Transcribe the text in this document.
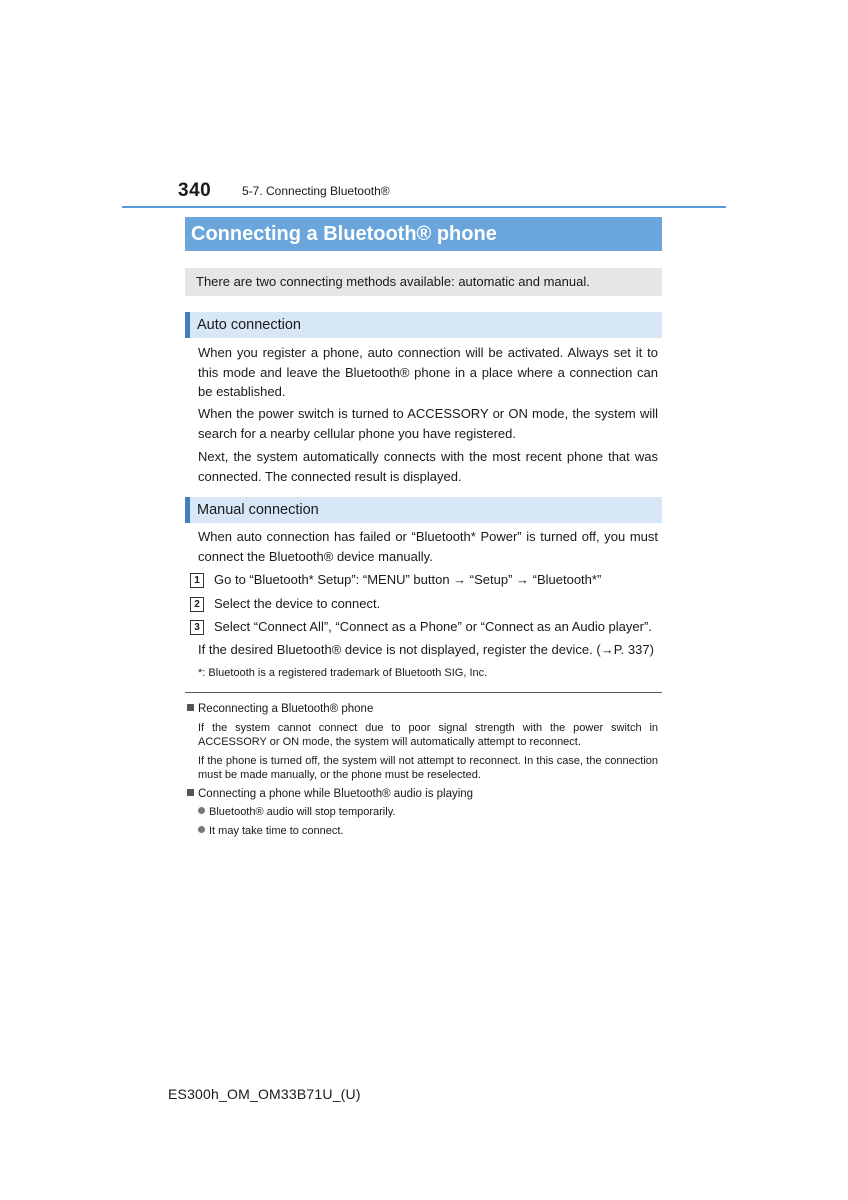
340	5-7. Connecting Bluetooth®
Connecting a Bluetooth® phone
There are two connecting methods available: automatic and manual.
Auto connection
When you register a phone, auto connection will be activated. Always set it to this mode and leave the Bluetooth® phone in a place where a connection can be established.
When the power switch is turned to ACCESSORY or ON mode, the system will search for a nearby cellular phone you have registered.
Next, the system automatically connects with the most recent phone that was connected. The connected result is displayed.
Manual connection
When auto connection has failed or “Bluetooth* Power” is turned off, you must connect the Bluetooth® device manually.
1 Go to “Bluetooth* Setup”: “MENU” button → “Setup” → “Bluetooth*”
2 Select the device to connect.
3 Select “Connect All”, “Connect as a Phone” or “Connect as an Audio player”.
If the desired Bluetooth® device is not displayed, register the device. (→P. 337)
*: Bluetooth is a registered trademark of Bluetooth SIG, Inc.
Reconnecting a Bluetooth® phone
If the system cannot connect due to poor signal strength with the power switch in ACCESSORY or ON mode, the system will automatically attempt to reconnect.
If the phone is turned off, the system will not attempt to reconnect. In this case, the connection must be made manually, or the phone must be reselected.
Connecting a phone while Bluetooth® audio is playing
Bluetooth® audio will stop temporarily.
It may take time to connect.
ES300h_OM_OM33B71U_(U)
